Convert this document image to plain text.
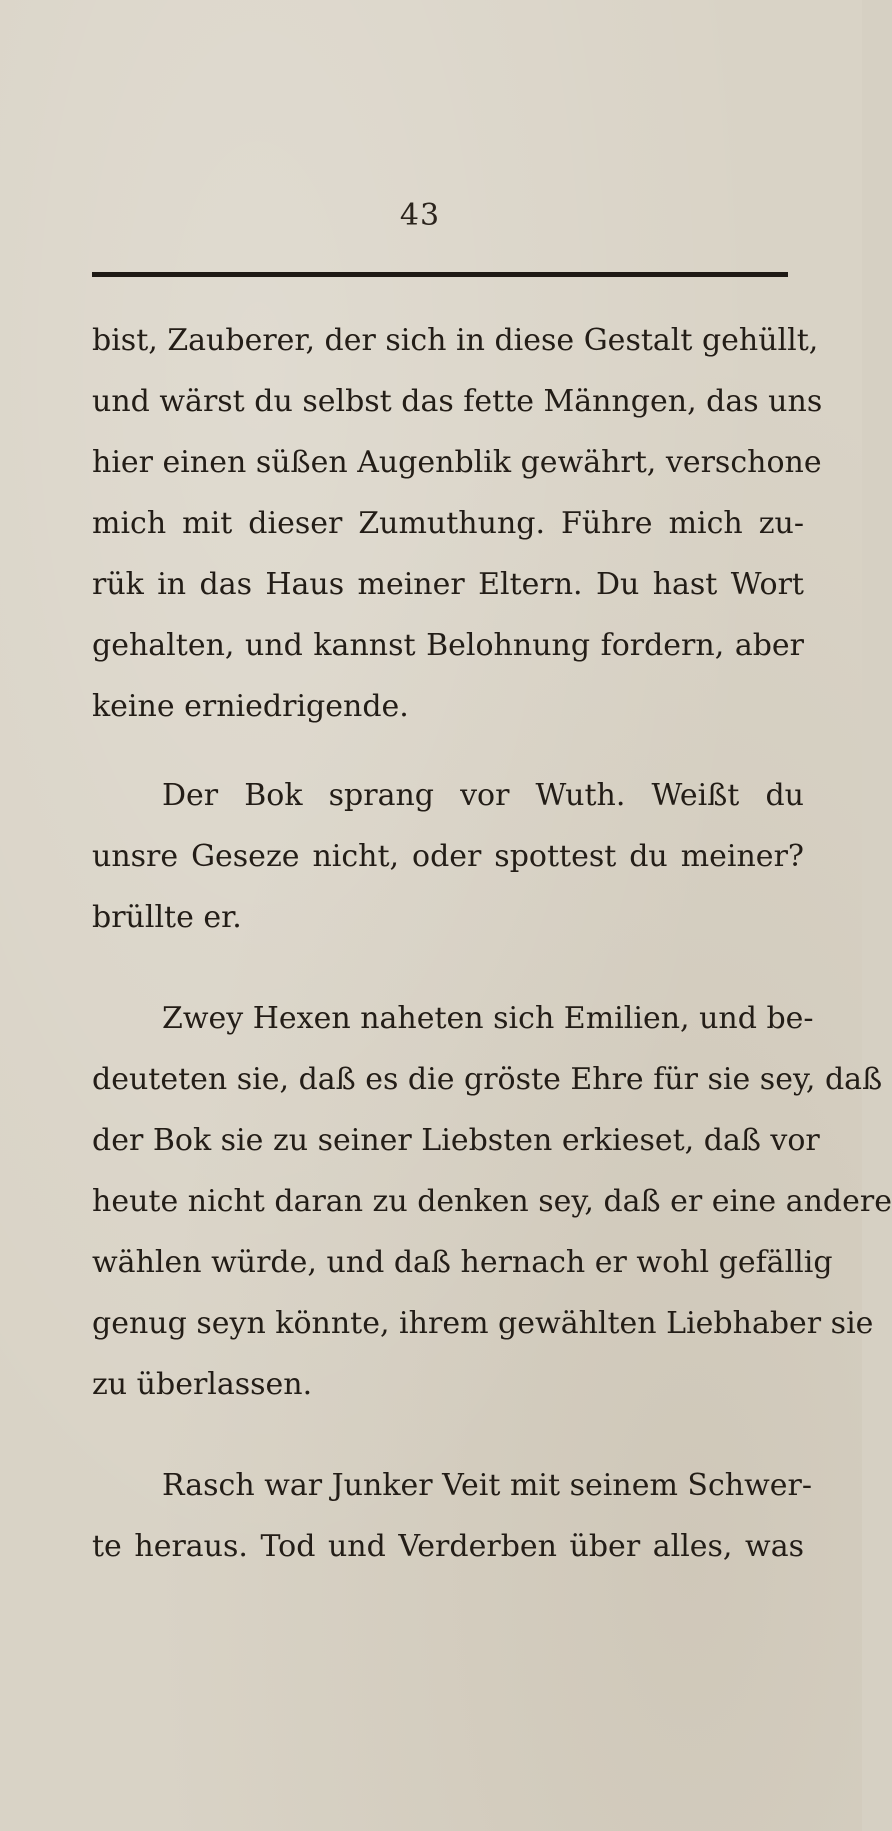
43
bist, Zauberer, der sich in diese Gestalt gehüllt,
und wärst du selbst das fette Männgen, das uns
hier einen süßen Augenblik gewährt, verschone
mich mit dieser Zumuthung. Führe mich zu-
rük in das Haus meiner Eltern. Du hast Wort
gehalten, und kannst Belohnung fordern, aber
keine erniedrigende.
Der Bok sprang vor Wuth. Weißt du
unsre Geseze nicht, oder spottest du meiner?
brüllte er.
Zwey Hexen naheten sich Emilien, und be-
deuteten sie, daß es die gröste Ehre für sie sey, daß
der Bok sie zu seiner Liebsten erkieset, daß vor
heute nicht daran zu denken sey, daß er eine andere
wählen würde, und daß hernach er wohl gefällig
genug seyn könnte, ihrem gewählten Liebhaber sie
zu überlassen.
Rasch war Junker Veit mit seinem Schwer-
te heraus. Tod und Verderben über alles, was
